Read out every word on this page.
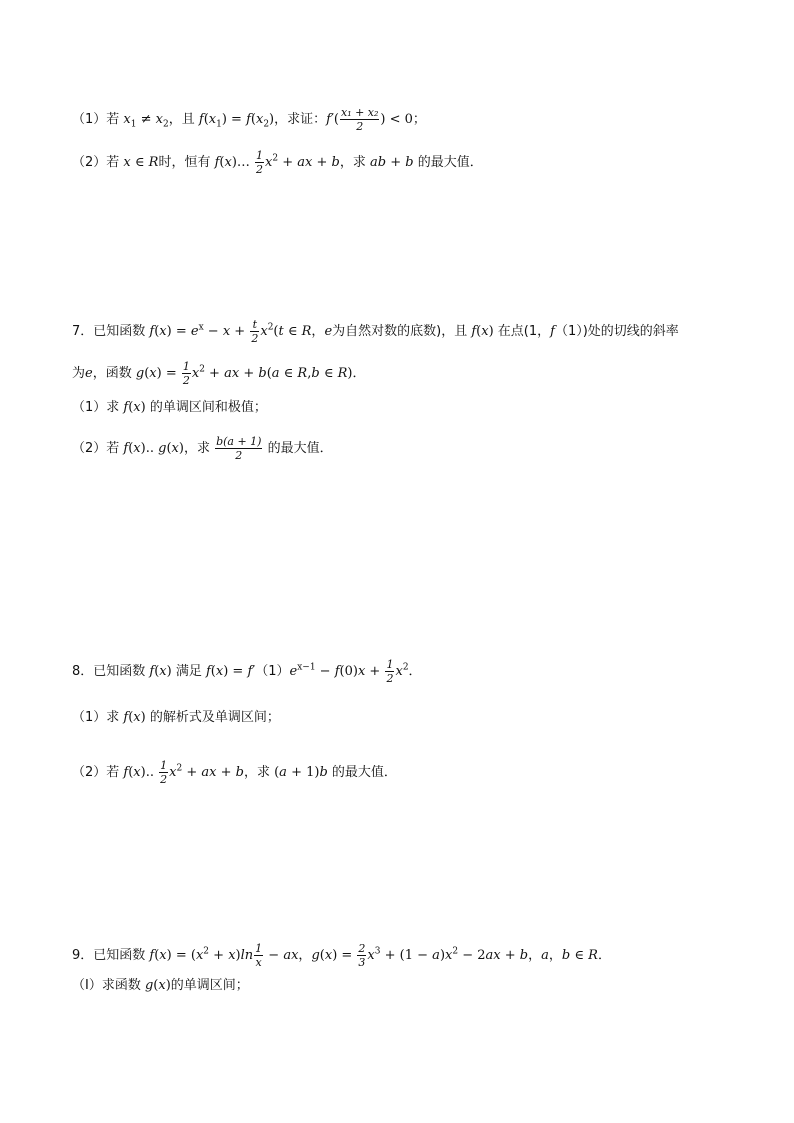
（1）若 $x_1 \ne x_2$，且 $f(x_1) = f(x_2)$，求证：$f'( \frac{\text{x₁ + x₂}}{2}$ ) < 0；
（2）若 x ∈ R时，恒有 f(x)… $\frac{1}{2} x^2$ + ax + b，求 ab + b 的最大值．
7．已知函数 $f(x) = e^x - x + \frac{t}{2} x^2(t$ ∈ R，e为自然对数的底数)，且 f(x) 在点(1，f（1）)处的切线的斜率
为e，函数 $g(x) = \frac{1}{2} x^2$ + ax + b(a ∈ R,b ∈ R)．
（1）求 f(x) 的单调区间和极值；
（2）若 f(x).. g(x)，求 $\frac{b(a + 1)}{2}$ 的最大值．
8．已知函数 f(x) 满足 $f(x) = f'(1)e^{x-1} - f(0)x + \frac{1}{2} x^2$．
（1）求 f(x) 的解析式及单调区间；
（2）若 f(x).. $\frac{1}{2} x^2$ + ax + b，求 (a + 1)b 的最大值．
9．已知函数 $f(x) = (x^2 + x)\ln \frac{1}{x}$ − ax，$g(x) = \frac{2}{3} x^3 + (1 - a)x^2 - 2ax + b$，a，b ∈ R．
（Ⅰ）求函数 g(x)的单调区间；
